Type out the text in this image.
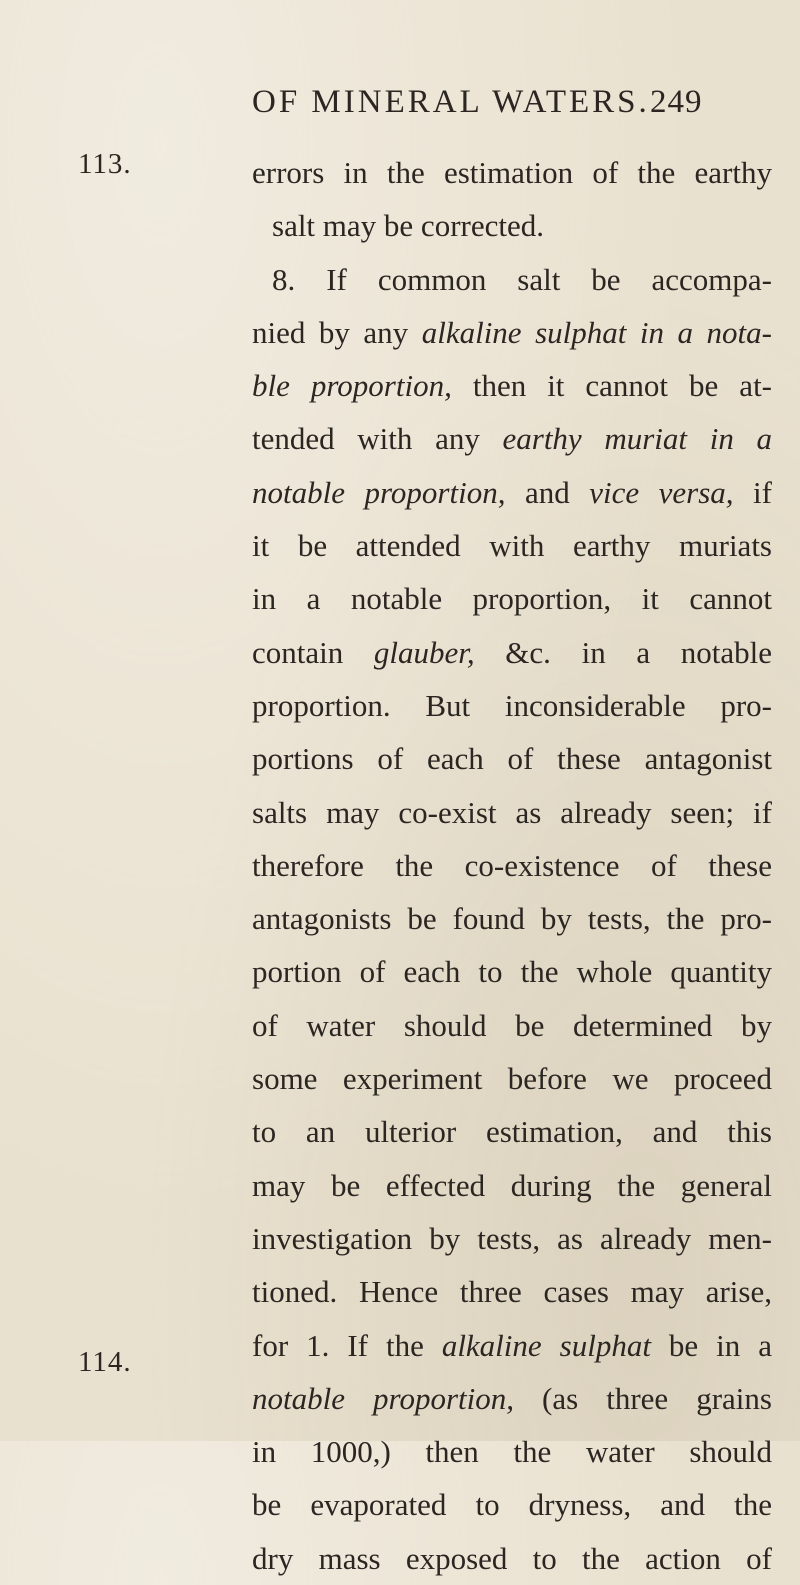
OF MINERAL WATERS. 249
113.
114.
errors in the estimation of the earthy
salt may be corrected.
8. If common salt be accompa-
nied by any alkaline sulphat in a nota-
ble proportion, then it cannot be at-
tended with any earthy muriat in a
notable proportion, and vice versa, if
it be attended with earthy muriats
in a notable proportion, it cannot
contain glauber, &c. in a notable
proportion. But inconsiderable pro-
portions of each of these antagonist
salts may co-exist as already seen; if
therefore the co-existence of these
antagonists be found by tests, the pro-
portion of each to the whole quantity
of water should be determined by
some experiment before we proceed
to an ulterior estimation, and this
may be effected during the general
investigation by tests, as already men-
tioned. Hence three cases may arise,
for 1. If the alkaline sulphat be in a
notable proportion, (as three grains
in 1000,) then the water should
be evaporated to dryness, and the
dry mass exposed to the action of
